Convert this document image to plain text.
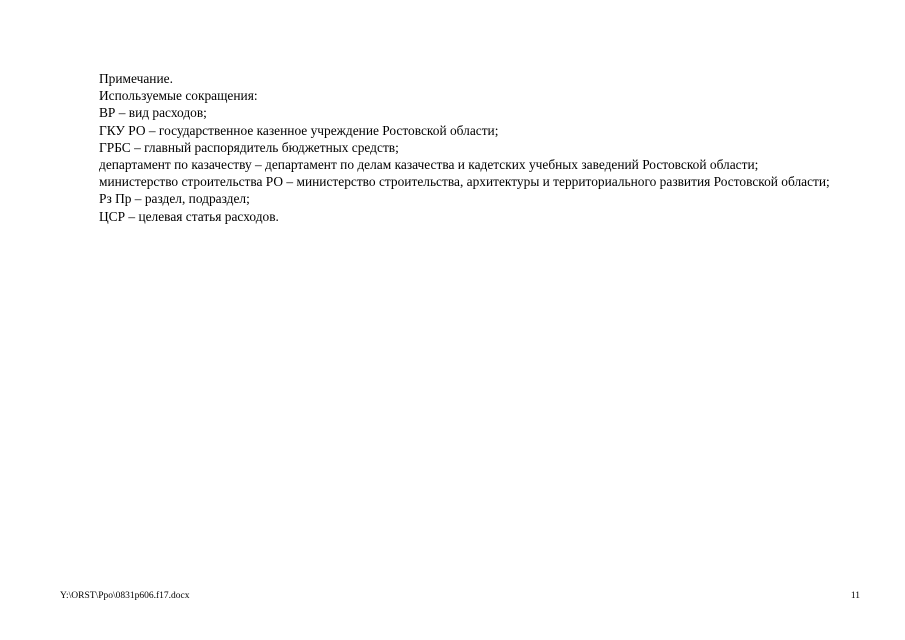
Примечание.

Используемые сокращения:

ВР – вид расходов;

ГКУ РО – государственное казенное учреждение Ростовской области;

ГРБС – главный распорядитель бюджетных средств;

департамент по казачеству – департамент по делам казачества и кадетских учебных заведений Ростовской области;

министерство строительства РО – министерство строительства, архитектуры и территориального развития Ростовской области;

Рз Пр – раздел, подраздел;

ЦСР – целевая статья расходов.

Y:\ORST\Ppo\0831p606.f17.docx	11
